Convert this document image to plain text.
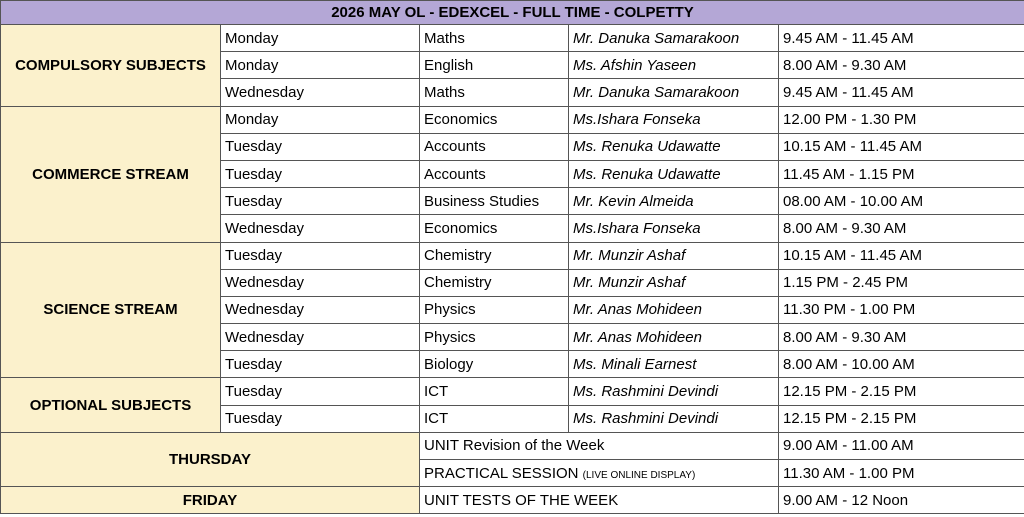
2026 MAY OL - EDEXCEL - FULL TIME - COLPETTY				
COMPULSORY SUBJECTS	Monday	Maths	Mr. Danuka Samarakoon	9.45 AM - 11.45 AM
	Monday	English	Ms. Afshin Yaseen	8.00 AM - 9.30 AM
	Wednesday	Maths	Mr. Danuka Samarakoon	9.45 AM - 11.45 AM
COMMERCE STREAM	Monday	Economics	Ms.Ishara Fonseka	12.00 PM - 1.30 PM
	Tuesday	Accounts	Ms. Renuka Udawatte	10.15 AM - 11.45 AM
	Tuesday	Accounts	Ms. Renuka Udawatte	11.45 AM - 1.15 PM
	Tuesday	Business Studies	Mr. Kevin Almeida	08.00 AM - 10.00 AM
	Wednesday	Economics	Ms.Ishara Fonseka	8.00 AM - 9.30 AM
SCIENCE STREAM	Tuesday	Chemistry	Mr. Munzir Ashaf	10.15 AM - 11.45 AM
	Wednesday	Chemistry	Mr. Munzir Ashaf	1.15 PM - 2.45 PM
	Wednesday	Physics	Mr. Anas Mohideen	11.30 PM - 1.00 PM
	Wednesday	Physics	Mr. Anas Mohideen	8.00 AM - 9.30 AM
	Tuesday	Biology	Ms. Minali Earnest	8.00 AM - 10.00 AM
OPTIONAL SUBJECTS	Tuesday	ICT	Ms. Rashmini Devindi	12.15 PM - 2.15 PM
	Tuesday	ICT	Ms. Rashmini Devindi	12.15 PM - 2.15 PM
THURSDAY		UNIT Revision of the Week		9.00 AM - 11.00 AM
		PRACTICAL SESSION (LIVE ONLINE DISPLAY)		11.30 AM - 1.00 PM
FRIDAY		UNIT TESTS OF THE WEEK		9.00 AM - 12 Noon
